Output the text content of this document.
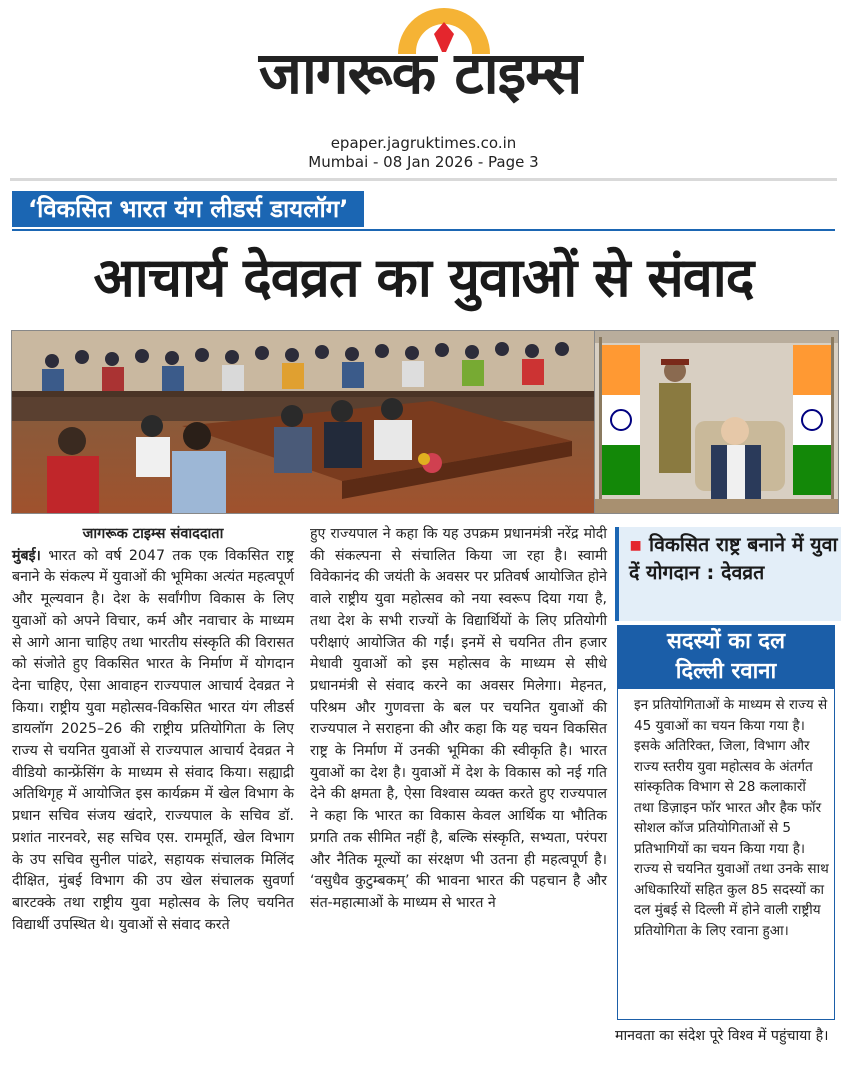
जागरूक टाइम्स
epaper.jagruktimes.co.in
Mumbai - 08 Jan 2026 - Page 3
‘विकसित भारत यंग लीडर्स डायलॉग’
आचार्य देवव्रत का युवाओं से संवाद
जागरूक टाइम्स संवाददाता
मुंबई। भारत को वर्ष 2047 तक एक विकसित राष्ट्र बनाने के संकल्प में युवाओं की भूमिका अत्यंत महत्वपूर्ण और मूल्यवान है। देश के सर्वांगीण विकास के लिए युवाओं को अपने विचार, कर्म और नवाचार के माध्यम से आगे आना चाहिए तथा भारतीय संस्कृति की विरासत को संजोते हुए विकसित भारत के निर्माण में योगदान देना चाहिए, ऐसा आवाहन राज्यपाल आचार्य देवव्रत ने किया। राष्ट्रीय युवा महोत्सव-विकसित भारत यंग लीडर्स डायलॉग 2025–26 की राष्ट्रीय प्रतियोगिता के लिए राज्य से चयनित युवाओं से राज्यपाल आचार्य देवव्रत ने वीडियो कान्फ्रेंसिंग के माध्यम से संवाद किया। सह्याद्री अतिथिगृह में आयोजित इस कार्यक्रम में खेल विभाग के प्रधान सचिव संजय खंदारे, राज्यपाल के सचिव डॉ. प्रशांत नारनवरे, सह सचिव एस. राममूर्ति, खेल विभाग के उप सचिव सुनील पांढरे, सहायक संचालक मिलिंद दीक्षित, मुंबई विभाग की उप खेल संचालक सुवर्णा बारटक्के तथा राष्ट्रीय युवा महोत्सव के लिए चयनित विद्यार्थी उपस्थित थे। युवाओं से संवाद करते
हुए राज्यपाल ने कहा कि यह उपक्रम प्रधानमंत्री नरेंद्र मोदी की संकल्पना से संचालित किया जा रहा है। स्वामी विवेकानंद की जयंती के अवसर पर प्रतिवर्ष आयोजित होने वाले राष्ट्रीय युवा महोत्सव को नया स्वरूप दिया गया है, तथा देश के सभी राज्यों के विद्यार्थियों के लिए प्रतियोगी परीक्षाएं आयोजित की गईं। इनमें से चयनित तीन हजार मेधावी युवाओं को इस महोत्सव के माध्यम से सीधे प्रधानमंत्री से संवाद करने का अवसर मिलेगा। मेहनत, परिश्रम और गुणवत्ता के बल पर चयनित युवाओं की राज्यपाल ने सराहना की और कहा कि यह चयन विकसित राष्ट्र के निर्माण में उनकी भूमिका की स्वीकृति है। भारत युवाओं का देश है। युवाओं में देश के विकास को नई गति देने की क्षमता है, ऐसा विश्वास व्यक्त करते हुए राज्यपाल ने कहा कि भारत का विकास केवल आर्थिक या भौतिक प्रगति तक सीमित नहीं है, बल्कि संस्कृति, सभ्यता, परंपरा और नैतिक मूल्यों का संरक्षण भी उतना ही महत्वपूर्ण है। ‘वसुधैव कुटुम्बकम्’ की भावना भारत की पहचान है और संत-महात्माओं के माध्यम से भारत ने
▪ विकसित राष्ट्र बनाने में युवा दें योगदान : देवव्रत
सदस्यों का दल
दिल्ली रवाना
इन प्रतियोगिताओं के माध्यम से राज्य से 45 युवाओं का चयन किया गया है। इसके अतिरिक्त, जिला, विभाग और राज्य स्तरीय युवा महोत्सव के अंतर्गत सांस्कृतिक विभाग से 28 कलाकारों तथा डिज़ाइन फॉर भारत और हैक फॉर सोशल कॉज प्रतियोगिताओं से 5 प्रतिभागियों का चयन किया गया है। राज्य से चयनित युवाओं तथा उनके साथ अधिकारियों सहित कुल 85 सदस्यों का दल मुंबई से दिल्ली में होने वाली राष्ट्रीय प्रतियोगिता के लिए रवाना हुआ।
मानवता का संदेश पूरे विश्व में पहुंचाया है।
